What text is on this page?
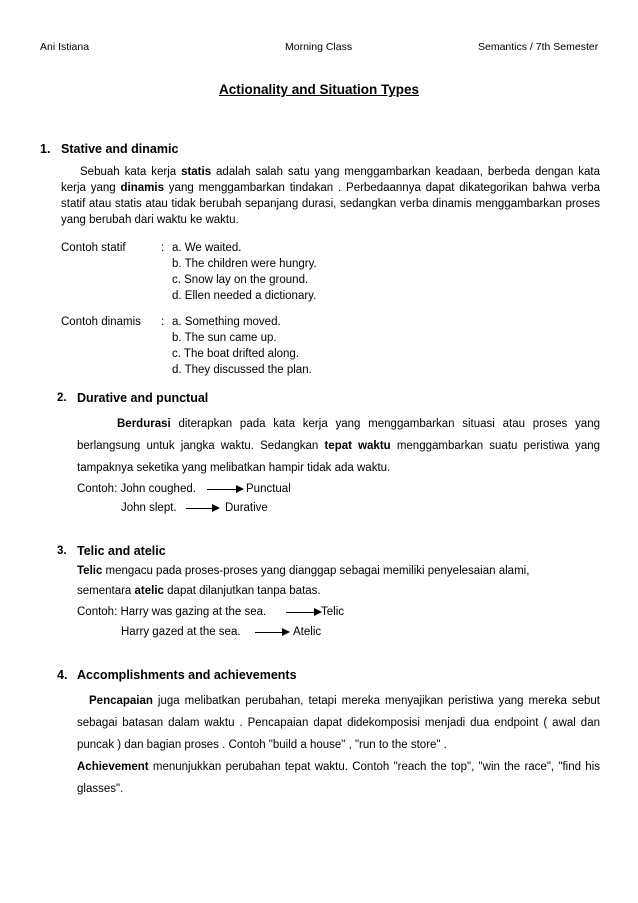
Ani Istiana	Morning Class	Semantics / 7th Semester
Actionality and Situation Types
1. Stative and dinamic
Sebuah kata kerja statis adalah salah satu yang menggambarkan keadaan, berbeda dengan kata kerja yang dinamis yang menggambarkan tindakan . Perbedaannya dapat dikategorikan bahwa verba statif atau statis atau tidak berubah sepanjang durasi, sedangkan verba dinamis menggambarkan proses yang berubah dari waktu ke waktu.
Contoh statif	: a. We waited.
b. The children were hungry.
c. Snow lay on the ground.
d. Ellen needed a dictionary.
Contoh dinamis : a. Something moved.
b. The sun came up.
c. The boat drifted along.
d. They discussed the plan.
2. Durative and punctual
Berdurasi diterapkan pada kata kerja yang menggambarkan situasi atau proses yang berlangsung untuk jangka waktu. Sedangkan tepat waktu menggambarkan suatu peristiwa yang tampaknya seketika yang melibatkan hampir tidak ada waktu.
Contoh: John coughed.	Punctual
John slept.	Durative
3. Telic and atelic
Telic mengacu pada proses-proses yang dianggap sebagai memiliki penyelesaian alami,
sementara atelic dapat dilanjutkan tanpa batas.
Contoh: Harry was gazing at the sea.	Telic
Harry gazed at the sea.	Atelic
4. Accomplishments and achievements
Pencapaian juga melibatkan perubahan, tetapi mereka menyajikan peristiwa yang mereka sebut sebagai batasan dalam waktu . Pencapaian dapat didekomposisi menjadi dua endpoint ( awal dan puncak ) dan bagian proses . Contoh "build a house" , "run to the store" .
Achievement menunjukkan perubahan tepat waktu. Contoh "reach the top", "win the race", "find his glasses".
